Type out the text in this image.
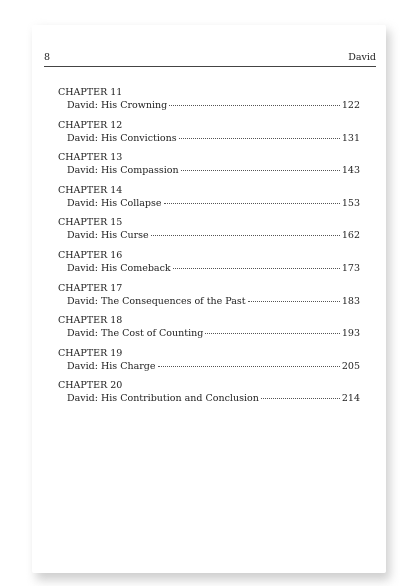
8	David
CHAPTER 11
David: His Crowning	122
CHAPTER 12
David: His Convictions	131
CHAPTER 13
David: His Compassion	143
CHAPTER 14
David: His Collapse	153
CHAPTER 15
David: His Curse	162
CHAPTER 16
David: His Comeback	173
CHAPTER 17
David: The Consequences of the Past	183
CHAPTER 18
David: The Cost of Counting	193
CHAPTER 19
David: His Charge	205
CHAPTER 20
David: His Contribution and Conclusion	214
